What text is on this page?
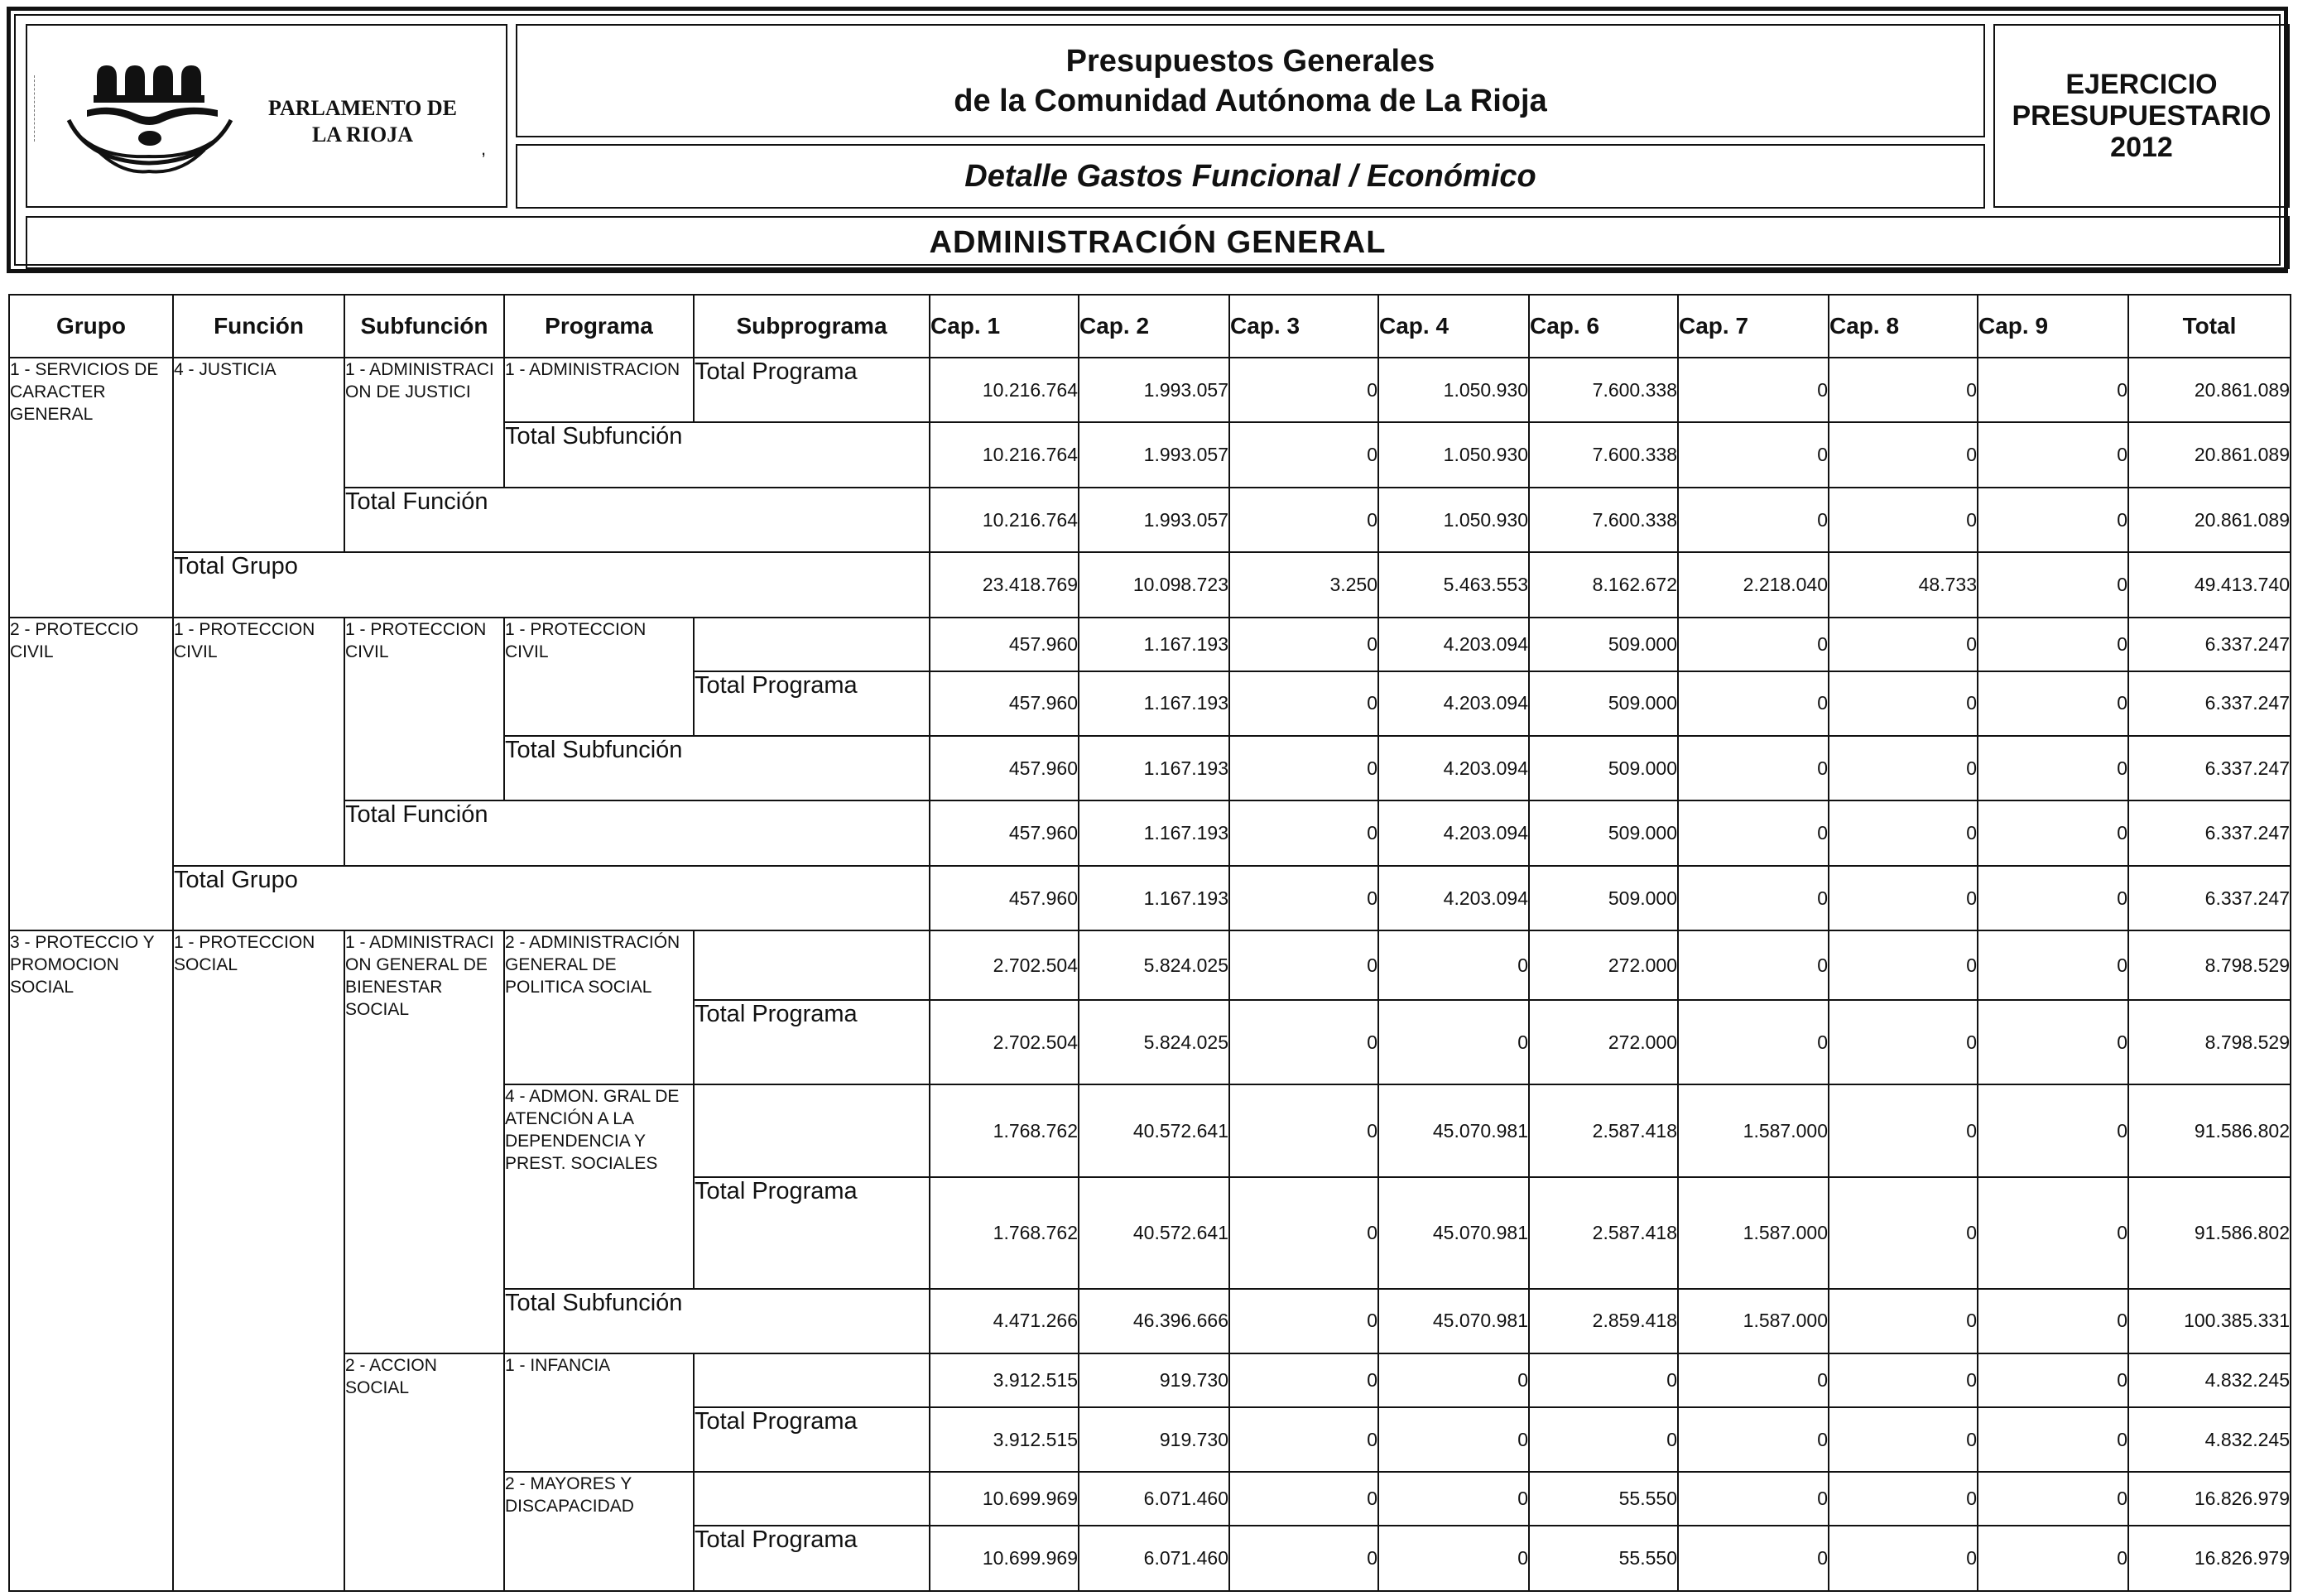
PARLAMENTO DE
LA RIOJA
,
Presupuestos Generales
de la Comunidad Autónoma de La Rioja
Detalle Gastos Funcional / Económico
EJERCICIO
PRESUPUESTARIO
2012
ADMINISTRACIÓN GENERAL
Grupo	Función	Subfunción	Programa	Subprograma	Cap. 1	Cap. 2	Cap. 3	Cap. 4	Cap. 6	Cap. 7	Cap. 8	Cap. 9	Total
1 - SERVICIOS DE CARACTER GENERAL	4 - JUSTICIA	1 - ADMINISTRACI ON DE JUSTICI	1 - ADMINISTRACION	Total Programa	10.216.764	1.993.057	0	1.050.930	7.600.338	0	0	0	20.861.089
			Total Subfunción		10.216.764	1.993.057	0	1.050.930	7.600.338	0	0	0	20.861.089
		Total Función			10.216.764	1.993.057	0	1.050.930	7.600.338	0	0	0	20.861.089
	Total Grupo				23.418.769	10.098.723	3.250	5.463.553	8.162.672	2.218.040	48.733	0	49.413.740
2 - PROTECCIO CIVIL	1 - PROTECCION CIVIL	1 - PROTECCION CIVIL	1 - PROTECCION CIVIL		457.960	1.167.193	0	4.203.094	509.000	0	0	0	6.337.247
				Total Programa	457.960	1.167.193	0	4.203.094	509.000	0	0	0	6.337.247
			Total Subfunción		457.960	1.167.193	0	4.203.094	509.000	0	0	0	6.337.247
		Total Función			457.960	1.167.193	0	4.203.094	509.000	0	0	0	6.337.247
	Total Grupo				457.960	1.167.193	0	4.203.094	509.000	0	0	0	6.337.247
3 - PROTECCIO Y PROMOCION SOCIAL	1 - PROTECCION SOCIAL	1 - ADMINISTRACI ON GENERAL DE BIENESTAR SOCIAL	2 - ADMINISTRACIÓN GENERAL DE POLITICA SOCIAL		2.702.504	5.824.025	0	0	272.000	0	0	0	8.798.529
				Total Programa	2.702.504	5.824.025	0	0	272.000	0	0	0	8.798.529
			4 - ADMON. GRAL DE ATENCIÓN A LA DEPENDENCIA Y PREST. SOCIALES		1.768.762	40.572.641	0	45.070.981	2.587.418	1.587.000	0	0	91.586.802
				Total Programa	1.768.762	40.572.641	0	45.070.981	2.587.418	1.587.000	0	0	91.586.802
			Total Subfunción		4.471.266	46.396.666	0	45.070.981	2.859.418	1.587.000	0	0	100.385.331
		2 - ACCION SOCIAL	1 - INFANCIA		3.912.515	919.730	0	0	0	0	0	0	4.832.245
				Total Programa	3.912.515	919.730	0	0	0	0	0	0	4.832.245
			2 - MAYORES Y DISCAPACIDAD		10.699.969	6.071.460	0	0	55.550	0	0	0	16.826.979
				Total Programa	10.699.969	6.071.460	0	0	55.550	0	0	0	16.826.979
